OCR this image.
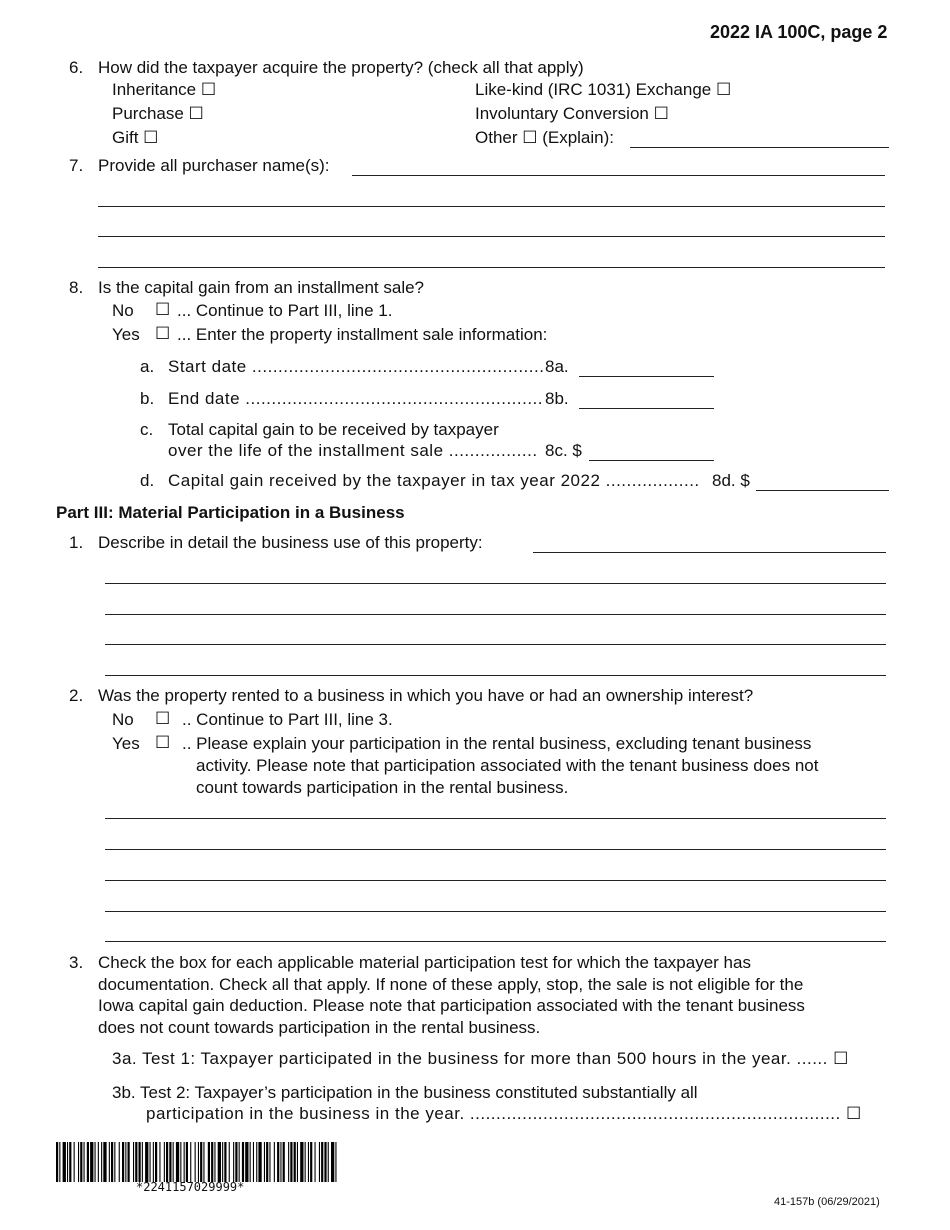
2022 IA 100C, page 2
6. How did the taxpayer acquire the property? (check all that apply)
Inheritance ☐
Purchase ☐
Gift ☐
Like-kind (IRC 1031) Exchange ☐
Involuntary Conversion ☐
Other ☐ (Explain):
7. Provide all purchaser name(s):
8. Is the capital gain from an installment sale?
No ☐ ... Continue to Part III, line 1.
Yes ☐ ... Enter the property installment sale information:
a. Start date ........................................................ 8a.
b. End date ......................................................... 8b.
c. Total capital gain to be received by taxpayer
over the life of the installment sale ................. 8c. $
d. Capital gain received by the taxpayer in tax year 2022 .................. 8d. $
Part III: Material Participation in a Business
1. Describe in detail the business use of this property:
2. Was the property rented to a business in which you have or had an ownership interest?
No ☐ .. Continue to Part III, line 3.
Yes ☐ .. Please explain your participation in the rental business, excluding tenant business
activity. Please note that participation associated with the tenant business does not
count towards participation in the rental business.
3. Check the box for each applicable material participation test for which the taxpayer has
documentation. Check all that apply. If none of these apply, stop, the sale is not eligible for the
Iowa capital gain deduction. Please note that participation associated with the tenant business
does not count towards participation in the rental business.
3a. Test 1: Taxpayer participated in the business for more than 500 hours in the year. ...... ☐
3b. Test 2: Taxpayer’s participation in the business constituted substantially all
participation in the business in the year. ....................................................................... ☐
*2241157029999*
41-157b (06/29/2021)
